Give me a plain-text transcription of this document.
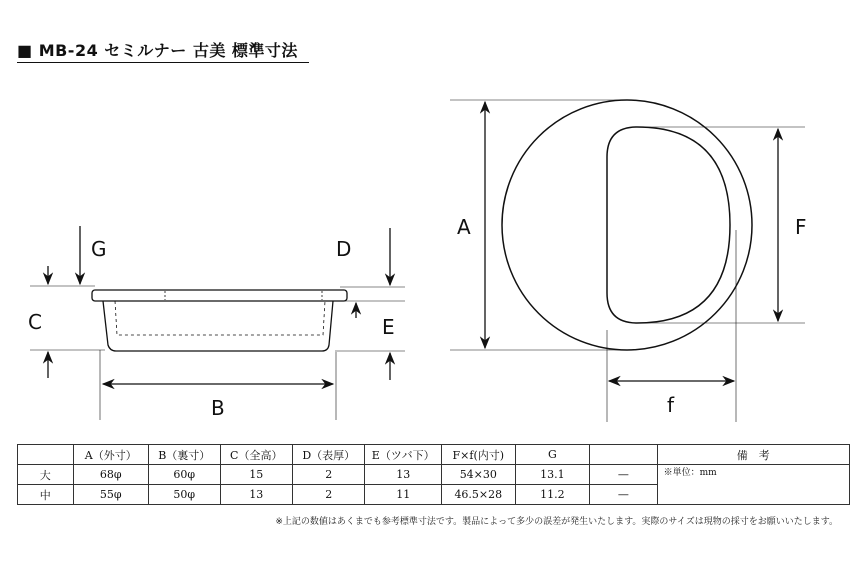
■ MB-24 セミルナー 古美 標準寸法
G
C
D
E
B
A	F
f
	A（外寸）	B（裏寸）	C（全高）	D（表厚）	E（ツバ下）	F×f(内寸)	G		備　考
大	68φ	60φ	15	2	13	54×30	13.1	—	※単位：mm
中	55φ	50φ	13	2	11	46.5×28	11.2	—	
※上記の数値はあくまでも参考標準寸法です。製品によって多少の誤差が発生いたします。実際のサイズは現物の採寸をお願いいたします。
